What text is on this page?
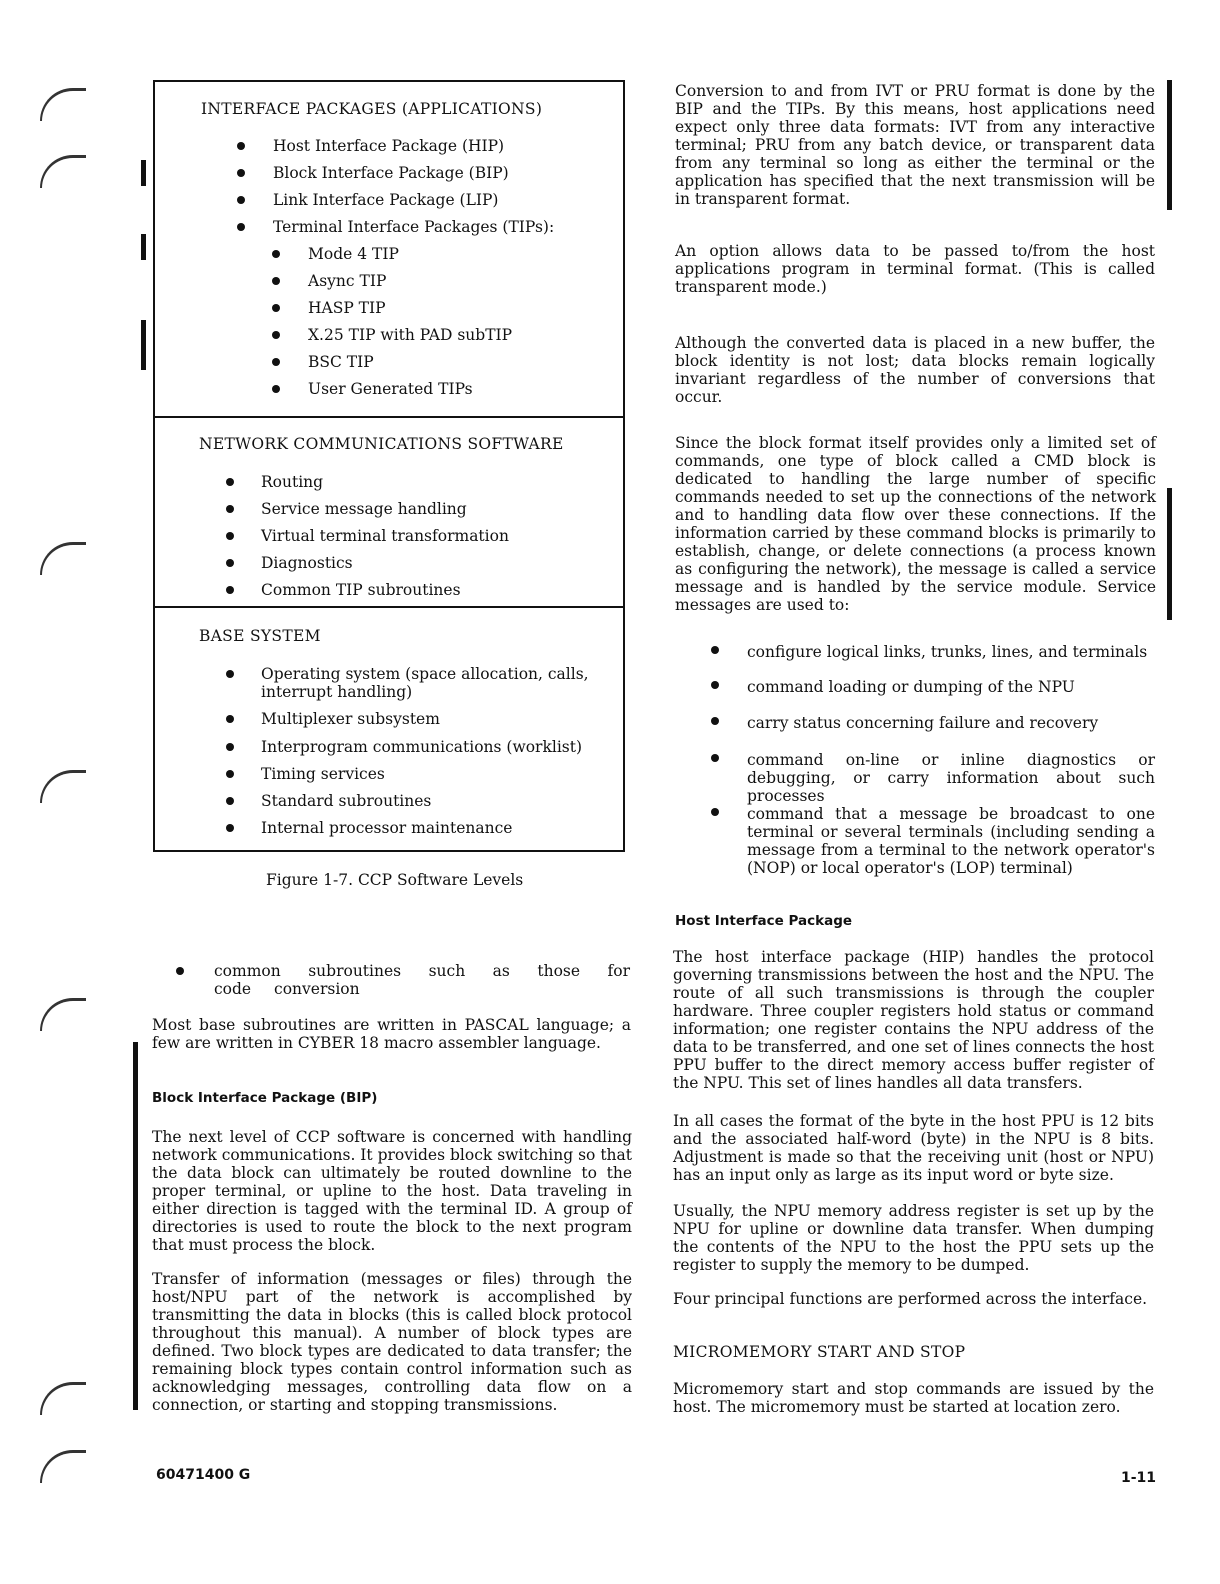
INTERFACE PACKAGES (APPLICATIONS)
Host Interface Package (HIP)
Block Interface Package (BIP)
Link Interface Package (LIP)
Terminal Interface Packages (TIPs):
Mode 4 TIP
Async TIP
HASP TIP
X.25 TIP with PAD subTIP
BSC TIP
User Generated TIPs
NETWORK COMMUNICATIONS SOFTWARE
Routing
Service message handling
Virtual terminal transformation
Diagnostics
Common TIP subroutines
BASE SYSTEM
Operating system (space allocation, calls, interrupt handling)
Multiplexer subsystem
Interprogram communications (worklist)
Timing services
Standard subroutines
Internal processor maintenance
Figure 1-7. CCP Software Levels
common subroutines such as those for code conversion
Most base subroutines are written in PASCAL language; a few are written in CYBER 18 macro assembler language.
Block Interface Package (BIP)
The next level of CCP software is concerned with handling network communications. It provides block switching so that the data block can ultimately be routed downline to the proper terminal, or upline to the host. Data traveling in either direction is tagged with the terminal ID. A group of directories is used to route the block to the next program that must process the block.
Transfer of information (messages or files) through the host/NPU part of the network is accomplished by transmitting the data in blocks (this is called block protocol throughout this manual). A number of block types are defined. Two block types are dedicated to data transfer; the remaining block types contain control information such as acknowledging messages, controlling data flow on a connection, or starting and stopping transmissions.
Conversion to and from IVT or PRU format is done by the BIP and the TIPs. By this means, host applications need expect only three data formats: IVT from any interactive terminal; PRU from any batch device, or transparent data from any terminal so long as either the terminal or the application has specified that the next transmission will be in transparent format.
An option allows data to be passed to/from the host applications program in terminal format. (This is called transparent mode.)
Although the converted data is placed in a new buffer, the block identity is not lost; data blocks remain logically invariant regardless of the number of conversions that occur.
Since the block format itself provides only a limited set of commands, one type of block called a CMD block is dedicated to handling the large number of specific commands needed to set up the connections of the network and to handling data flow over these connections. If the information carried by these command blocks is primarily to establish, change, or delete connections (a process known as configuring the network), the message is called a service message and is handled by the service module. Service messages are used to:
configure logical links, trunks, lines, and terminals
command loading or dumping of the NPU
carry status concerning failure and recovery
command on-line or inline diagnostics or debugging, or carry information about such processes
command that a message be broadcast to one terminal or several terminals (including sending a message from a terminal to the network operator's (NOP) or local operator's (LOP) terminal)
Host Interface Package
The host interface package (HIP) handles the protocol governing transmissions between the host and the NPU. The route of all such transmissions is through the coupler hardware. Three coupler registers hold status or command information; one register contains the NPU address of the data to be transferred, and one set of lines connects the host PPU buffer to the direct memory access buffer register of the NPU. This set of lines handles all data transfers.
In all cases the format of the byte in the host PPU is 12 bits and the associated half-word (byte) in the NPU is 8 bits. Adjustment is made so that the receiving unit (host or NPU) has an input only as large as its input word or byte size.
Usually, the NPU memory address register is set up by the NPU for upline or downline data transfer. When dumping the contents of the NPU to the host the PPU sets up the register to supply the memory to be dumped.
Four principal functions are performed across the interface.
MICROMEMORY START AND STOP
Micromemory start and stop commands are issued by the host. The micromemory must be started at location zero.
60471400 G	1-11
